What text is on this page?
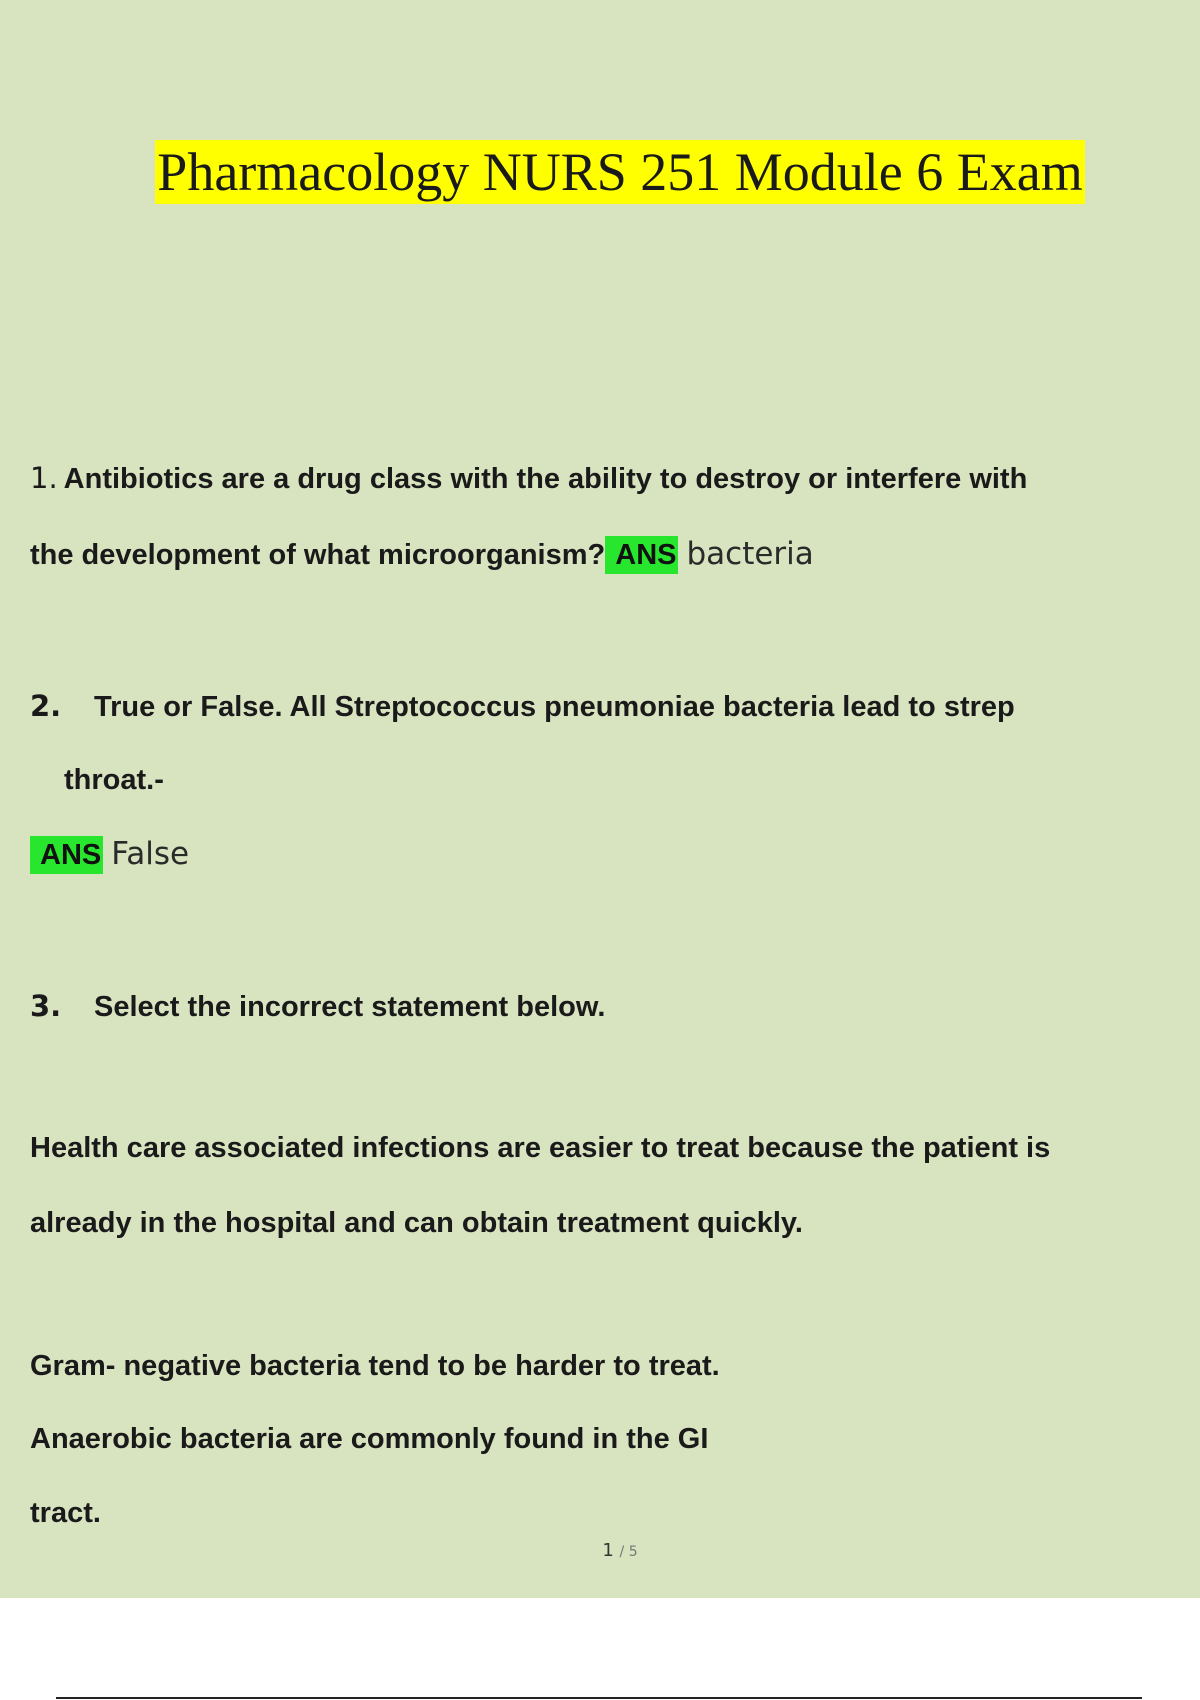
Pharmacology NURS 251 Module 6 Exam
1. Antibiotics are a drug class with the ability to destroy or interfere with
the development of what microorganism? ANS bacteria
2. True or False. All Streptococcus pneumoniae bacteria lead to strep
throat.-
ANS False
3. Select the incorrect statement below.
Health care associated infections are easier to treat because the patient is
already in the hospital and can obtain treatment quickly.
Gram- negative bacteria tend to be harder to treat.
Anaerobic bacteria are commonly found in the GI
tract.
1 / 5
